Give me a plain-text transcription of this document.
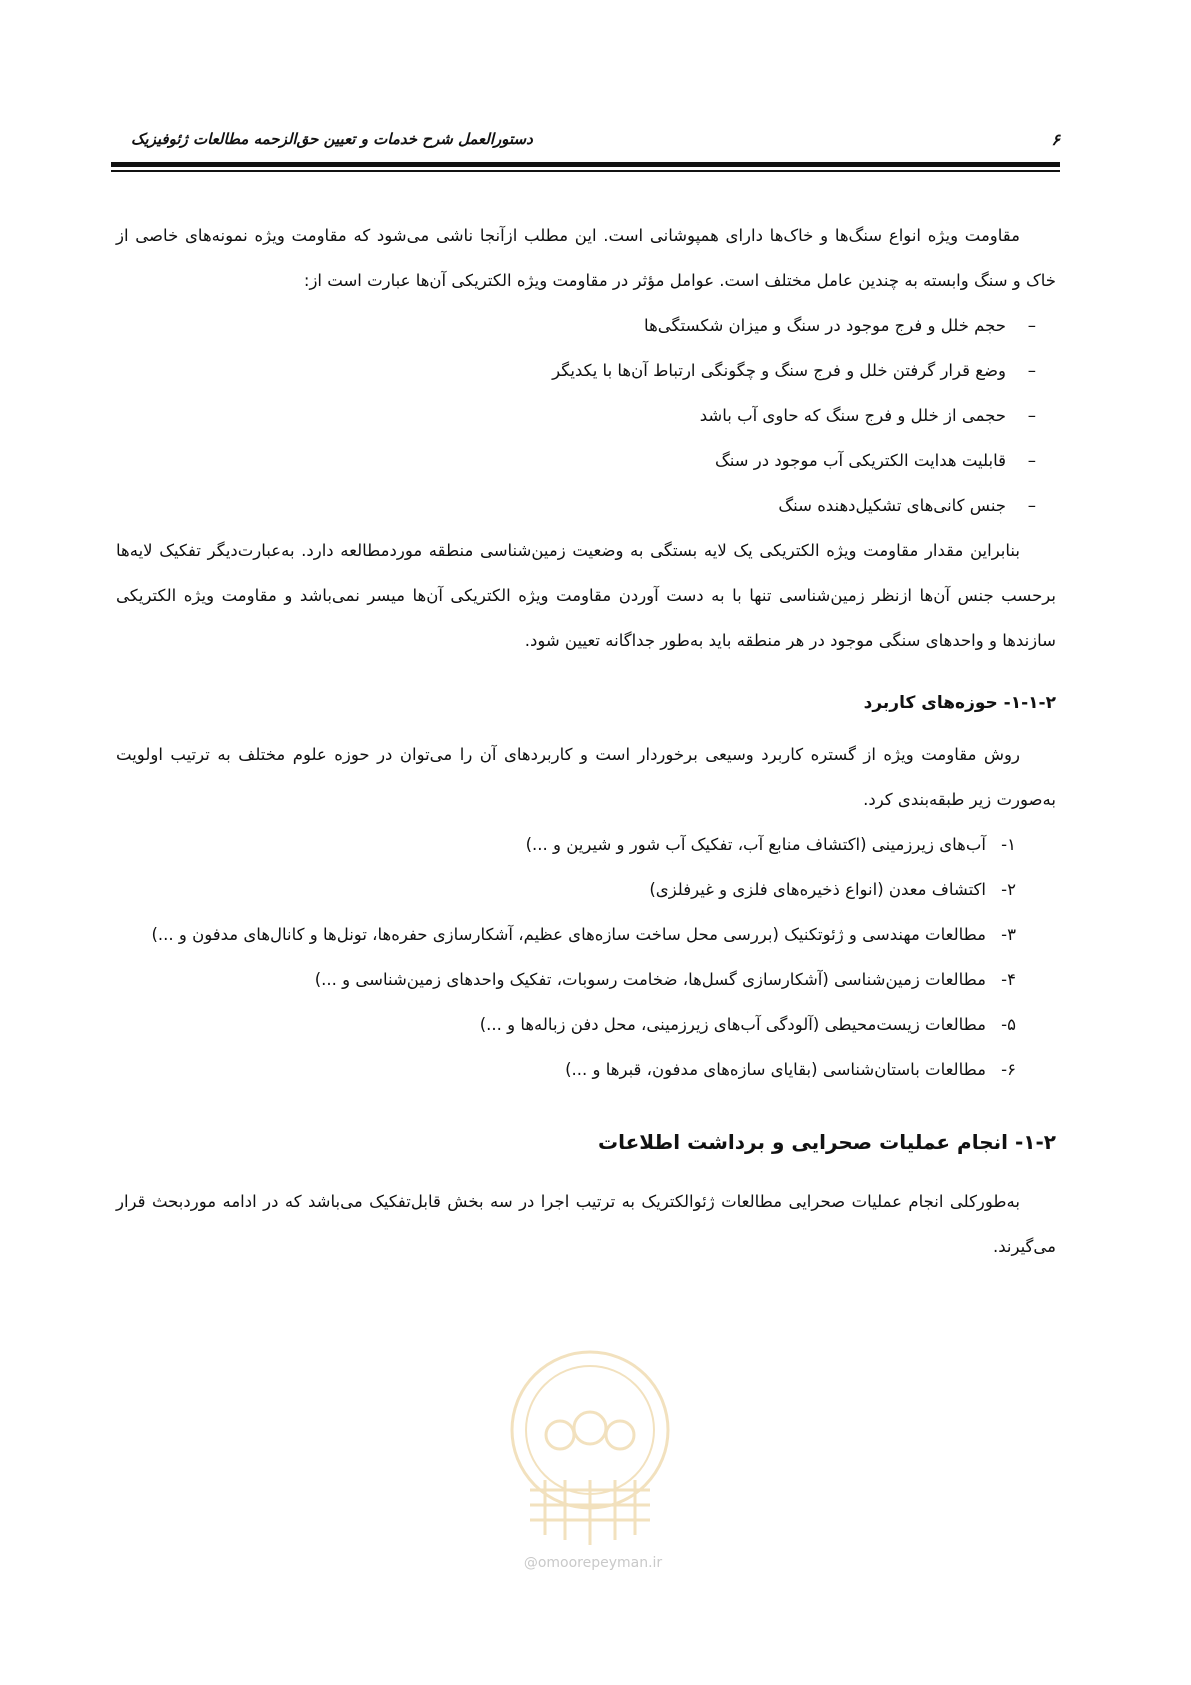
۶
دستورالعمل شرح خدمات و تعیین حق‌الزحمه مطالعات ژئوفیزیک

مقاومت ویژه انواع سنگ‌ها و خاک‌ها دارای همپوشانی است. این مطلب ازآنجا ناشی می‌شود که مقاومت ویژه نمونه‌های خاصی از خاک و سنگ وابسته به چندین عامل مختلف است. عوامل مؤثر در مقاومت ویژه الکتریکی آن‌ها عبارت است از:

–
حجم خلل و فرج موجود در سنگ و میزان شکستگی‌ها
–
وضع قرار گرفتن خلل و فرج سنگ و چگونگی ارتباط آن‌ها با یکدیگر
–
حجمی از خلل و فرج سنگ که حاوی آب باشد
–
قابلیت هدایت الکتریکی آب موجود در سنگ
–
جنس کانی‌های تشکیل‌دهنده سنگ

بنابراین مقدار مقاومت ویژه الکتریکی یک لایه بستگی به وضعیت زمین‌شناسی منطقه موردمطالعه دارد. به‌عبارت‌دیگر تفکیک لایه‌ها برحسب جنس آن‌ها ازنظر زمین‌شناسی تنها با به دست آوردن مقاومت ویژه الکتریکی آن‌ها میسر نمی‌باشد و مقاومت ویژه الکتریکی سازندها و واحدهای سنگی موجود در هر منطقه باید به‌طور جداگانه تعیین شود.

۱-۱-۲- حوزه‌های کاربرد

روش مقاومت ویژه از گستره کاربرد وسیعی برخوردار است و کاربردهای آن را می‌توان در حوزه علوم مختلف به ترتیب اولویت به‌صورت زیر طبقه‌بندی کرد.

۱-
آب‌های زیرزمینی (اکتشاف منابع آب، تفکیک آب شور و شیرین و ...)
۲-
اکتشاف معدن (انواع ذخیره‌های فلزی و غیرفلزی)
۳-
مطالعات مهندسی و ژئوتکنیک (بررسی محل ساخت سازه‌های عظیم، آشکارسازی حفره‌ها، تونل‌ها و کانال‌های مدفون و ...)
۴-
مطالعات زمین‌شناسی (آشکارسازی گسل‌ها، ضخامت رسوبات، تفکیک واحدهای زمین‌شناسی و ...)
۵-
مطالعات زیست‌محیطی (آلودگی آب‌های زیرزمینی، محل دفن زباله‌ها و ...)
۶-
مطالعات باستان‌شناسی (بقایای سازه‌های مدفون، قبرها و ...)
۱-۲- انجام عملیات صحرایی و برداشت اطلاعات

به‌طورکلی انجام عملیات صحرایی مطالعات ژئوالکتریک به ترتیب اجرا در سه بخش قابل‌تفکیک می‌باشد که در ادامه موردبحث قرار می‌گیرند.

@omoorepeyman.ir
